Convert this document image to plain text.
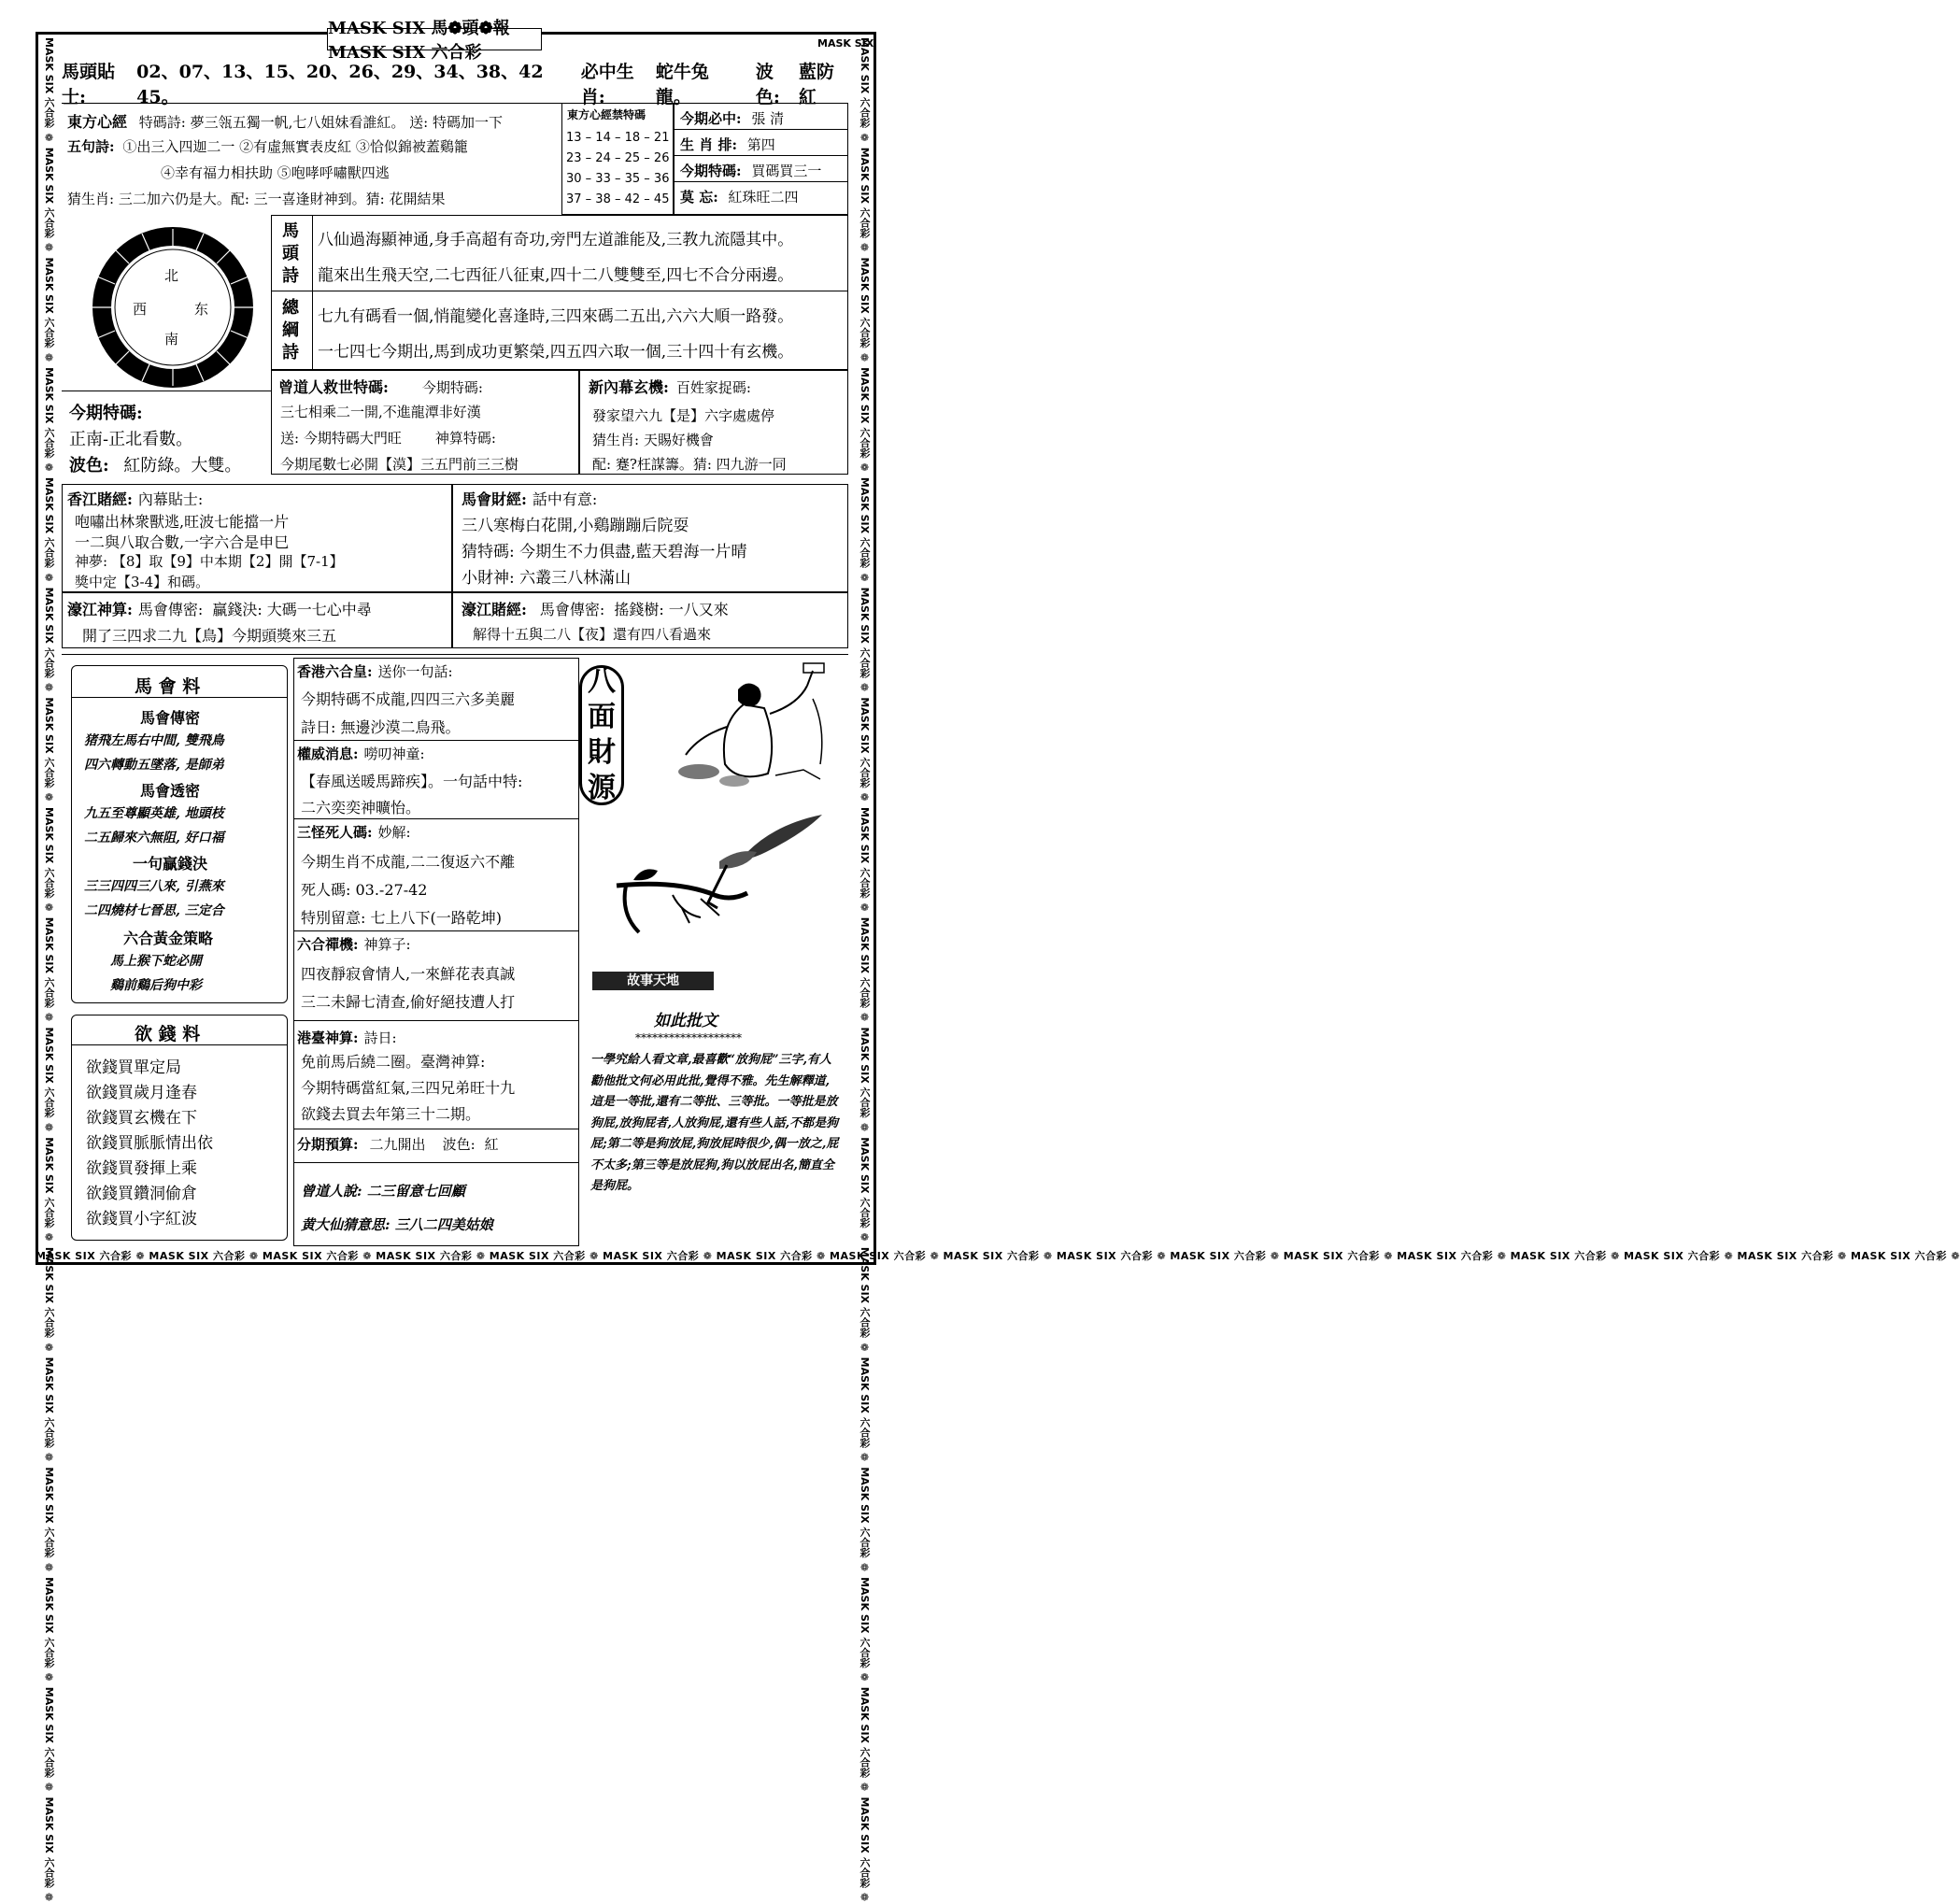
MASK SIX 六合彩 ❁ MASK SIX 六合彩 ❁ MASK SIX 六合彩 ❁ MASK SIX 六合彩 ❁ MASK SIX 六合彩 ❁ MASK SIX 六合彩 ❁ MASK SIX 六合彩 ❁ MASK SIX 六合彩 ❁ MASK SIX 六合彩 ❁ MASK SIX 六合彩 ❁ MASK SIX 六合彩 ❁ MASK SIX 六合彩 ❁ MASK SIX 六合彩 ❁ MASK SIX 六合彩 ❁ MASK SIX 六合彩 ❁ MASK SIX 六合彩 ❁ MASK SIX 六合彩 ❁
MASK SIX 六合彩 ❁ MASK SIX 六合彩 ❁ MASK SIX 六合彩 ❁ MASK SIX 六合彩 ❁ MASK SIX 六合彩 ❁ MASK SIX 六合彩 ❁ MASK SIX 六合彩 ❁ MASK SIX 六合彩 ❁ MASK SIX 六合彩 ❁ MASK SIX 六合彩 ❁ MASK SIX 六合彩 ❁ MASK SIX 六合彩 ❁ MASK SIX 六合彩 ❁ MASK SIX 六合彩 ❁ MASK SIX 六合彩 ❁ MASK SIX 六合彩 ❁ MASK SIX 六合彩 ❁	MASK SIX 六合彩 ❁ MASK SIX 六合彩 ❁ MASK SIX 六合彩 ❁ MASK SIX 六合彩 ❁ MASK SIX 六合彩 ❁ MASK SIX 六合彩 ❁ MASK SIX 六合彩 ❁ MASK SIX 六合彩 ❁ MASK SIX 六合彩 ❁ MASK SIX 六合彩 ❁ MASK SIX 六合彩 ❁ MASK SIX 六合彩 ❁ MASK SIX 六合彩 ❁ MASK SIX 六合彩 ❁ MASK SIX 六合彩 ❁ MASK SIX 六合彩 ❁ MASK SIX 六合彩 ❁
MASK SIX 馬❁頭❁報 MASK SIX 六合彩	MASK SIX
馬頭貼士:
02、07、13、15、20、26、29、34、38、42 45。
必中生肖:
蛇牛兔龍。
波色:
藍防紅
東方心經 特碼詩: 夢三瓴五獨一帆,七八姐妹看誰紅。 送: 特碼加一下
五句詩: ①出三入四迦二一 ②有虛無實表皮紅 ③恰似錦被蓋鷄籠
④幸有福力相扶助 ⑤咆哮呼嘯獸四逃
猜生肖: 三二加六仍是大。配: 三一喜逢財神到。猜: 花開結果
東方心經禁特碼
13 – 14 – 18 – 21
23 – 24 – 25 – 26
30 – 33 – 35 – 36
37 – 38 – 42 – 45
今期必中: 張 清
生 肖 排: 第四
今期特碼: 買碼買三一
莫 忘: 紅珠旺二四
北
西	东
南
今期特碼:
正南-正北看數。
波色: 紅防綠。大雙。
馬
頭
詩
八仙過海顯神通,身手高超有奇功,旁門左道誰能及,三教九流隱其中。
龍來出生飛天空,二七西征八征東,四十二八雙雙至,四七不合分兩邊。
總
綱
詩
七九有碼看一個,悄龍變化喜逢時,三四來碼二五出,六六大順一路發。
一七四七今期出,馬到成功更繁榮,四五四六取一個,三十四十有玄機。
曾道人救世特碼: 今期特碼:
三七相乘二一開,不進龍潭非好漢
送: 今期特碼大門旺 神算特碼:
今期尾數七必開【漠】三五門前三三樹
新內幕玄機: 百姓家捉碼:
發家望六九【是】六字處處停
猜生肖: 天賜好機會
配: 蹇?枉謀籌。猜: 四九游一同
香江賭經: 內幕貼士:
咆嘯出林衆獸逃,旺波七能擋一片
一二與八取合數,一字六合是申巳
神夢: 【8】取【9】中本期【2】開【7-1】
獎中定【3-4】和碼。
馬會財經: 話中有意:
三八寒梅白花開,小鷄蹦蹦后院耍
猜特碼: 今期生不力俱盡,藍天碧海一片晴
小財神: 六叢三八林滿山
濠江神算: 馬會傳密: 贏錢決: 大碼一七心中尋
開了三四求二九【鳥】今期頭獎來三五
濠江賭經: 馬會傳密: 搖錢樹: 一八又來
解得十五與二八【夜】還有四八看過來
馬 會 料
馬會傳密
猪飛左馬右中間, 雙飛鳥
四六轉動五墜落, 是師弟
馬會透密
九五至尊顯英雄, 地頭枝
二五歸來六無阻, 好口福
一句贏錢決
三三四四三八來, 引燕來
二四燒材七晉思, 三定合
六合黃金策略
馬上猴下蛇必開
鷄前鷄后狗中彩
欲 錢 料
欲錢買單定局
欲錢買歲月逢春
欲錢買玄機在下
欲錢買脈脈情出依
欲錢買發揮上乘
欲錢買鑽洞偷倉
欲錢買小字紅波
香港六合皇: 送你一句話:
今期特碼不成龍,四四三六多美麗
詩日: 無邊沙漠二鳥飛。
權威消息: 嘮叨神童:
【春風送暖馬蹄疾】。一句話中特:
二六奕奕神曠怡。
三怪死人碼: 妙解:
今期生肖不成龍,二二復返六不離
死人碼: 03.-27-42
特別留意: 七上八下(一路乾坤)
六合禪機: 神算子:
四夜靜寂會情人,一來鮮花表真誠
三二未歸七清查,偷好絕技遭人打
港臺神算: 詩日:
免前馬后繞二圈。臺灣神算:
今期特碼當紅氣,三四兄弟旺十九
欲錢去買去年第三十二期。
分期預算: 二九開出 波色: 紅
曾道人說: 二三留意七回顧
黄大仙猜意思: 三八二四美姑娘
八
面
財
源
故事天地
如此批文
*******************
一學究給人看文章,最喜歡“放狗屁”三字,有人勸他批文何必用此批,覺得不雅。先生解釋道,這是一等批,還有二等批、三等批。一等批是放狗屁,放狗屁者,人放狗屁,還有些人話,不都是狗屁;第二等是狗放屁,狗放屁時很少,偶一放之,屁不太多;第三等是放屁狗,狗以放屁出名,簡直全是狗屁。
